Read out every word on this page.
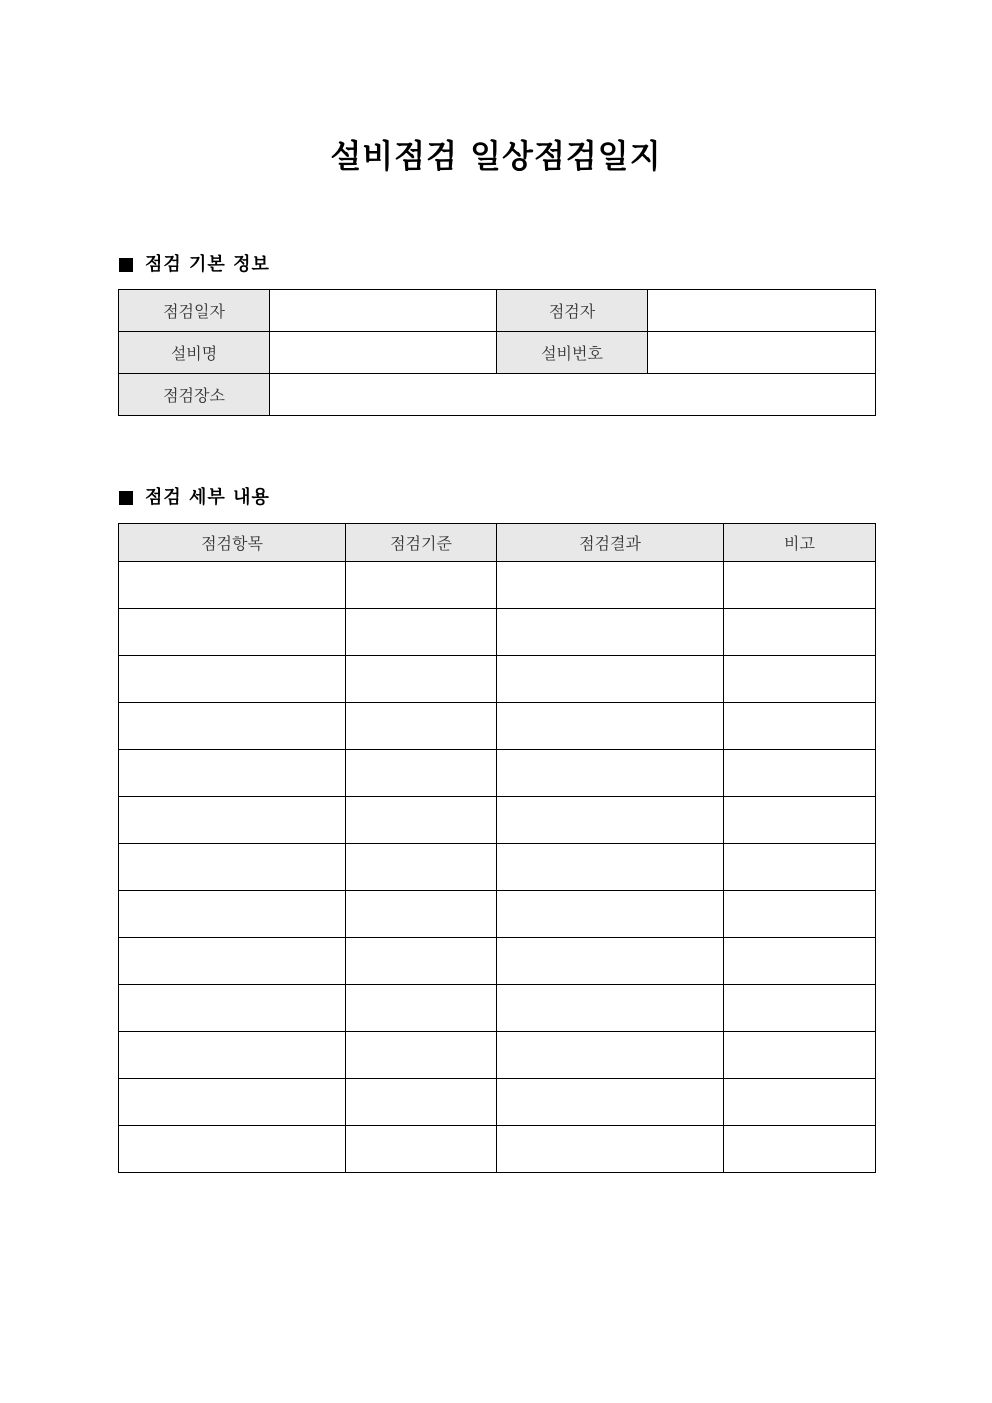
설비점검 일상점검일지
점검 기본 정보
점검일자		점검자	
설비명		설비번호	
점검장소			
점검 세부 내용
점검항목	점검기준	점검결과	비고
